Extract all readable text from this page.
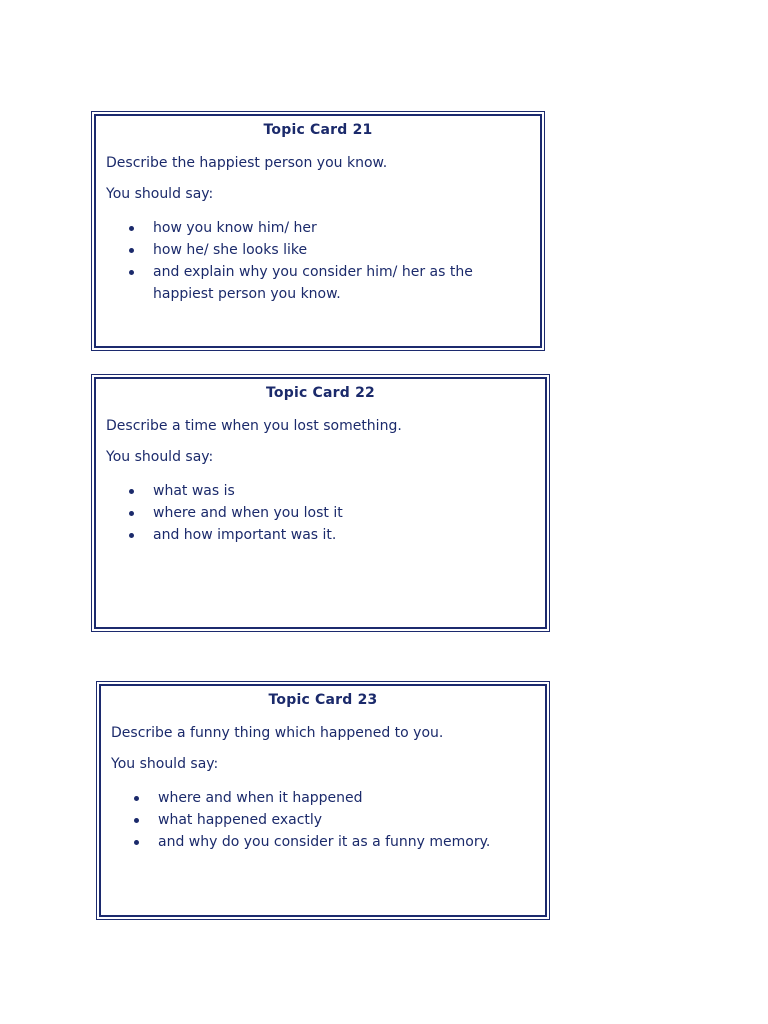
Topic Card 21
Describe the happiest person you know.
You should say:
how you know him/ her
how he/ she looks like
and explain why you consider him/ her as the happiest person you know.
Topic Card 22
Describe a time when you lost something.
You should say:
what was is
where and when you lost it
and how important was it.
Topic Card 23
Describe a funny thing which happened to you.
You should say:
where and when it happened
what happened exactly
and why do you consider it as a funny memory.
